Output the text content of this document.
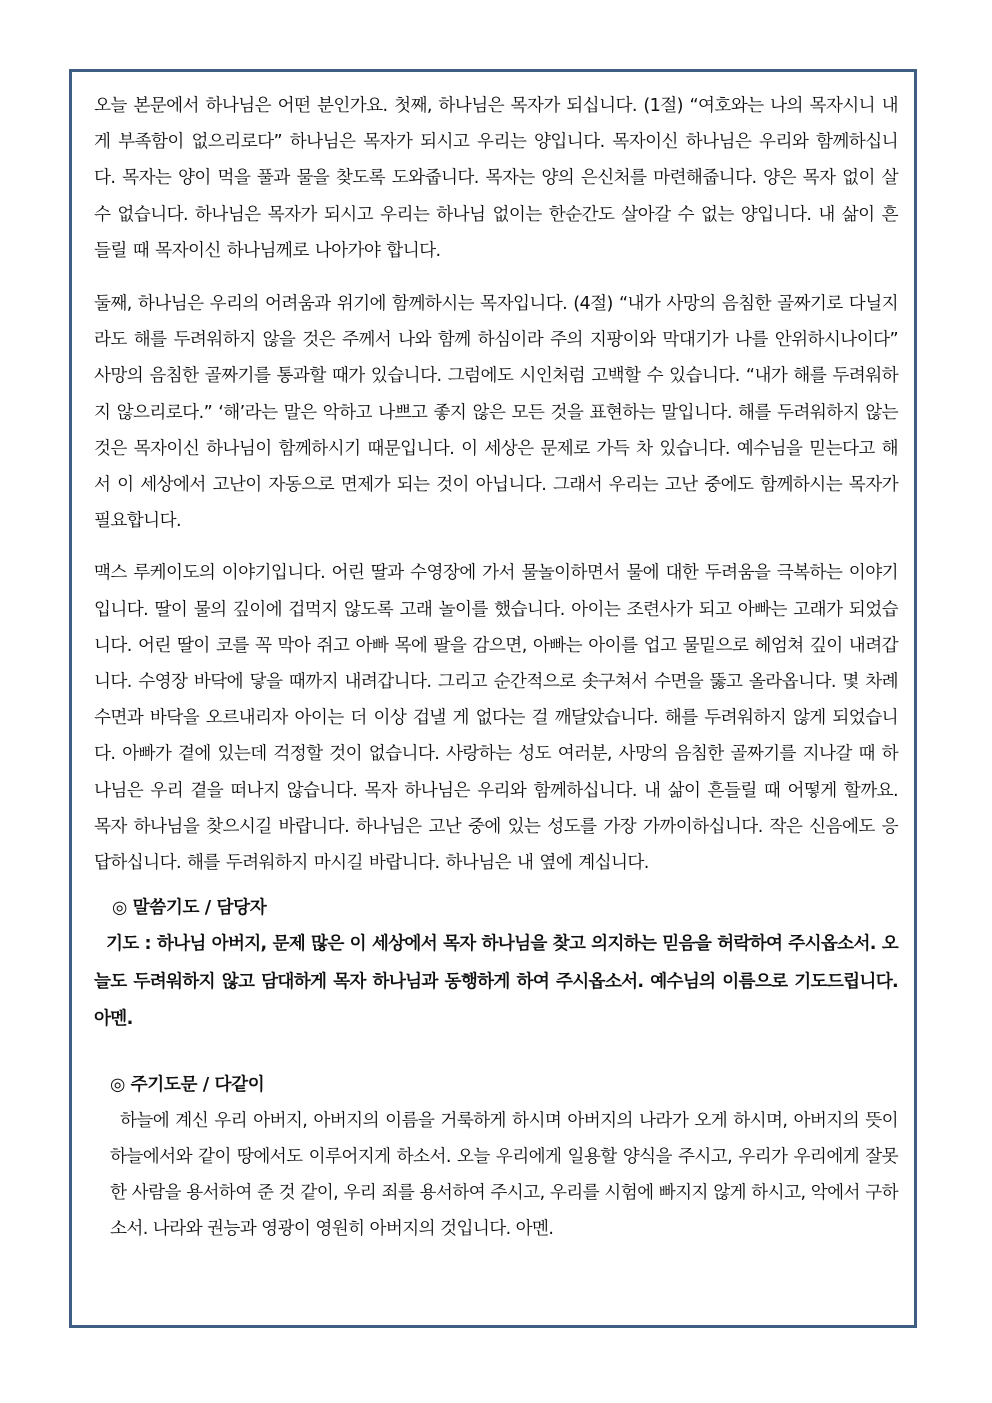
오늘 본문에서 하나님은 어떤 분인가요. 첫째, 하나님은 목자가 되십니다. (1절) “여호와는 나의 목자시니 내게 부족함이 없으리로다” 하나님은 목자가 되시고 우리는 양입니다. 목자이신 하나님은 우리와 함께하십니다. 목자는 양이 먹을 풀과 물을 찾도록 도와줍니다. 목자는 양의 은신처를 마련해줍니다. 양은 목자 없이 살 수 없습니다. 하나님은 목자가 되시고 우리는 하나님 없이는 한순간도 살아갈 수 없는 양입니다. 내 삶이 흔들릴 때 목자이신 하나님께로 나아가야 합니다.

둘째, 하나님은 우리의 어려움과 위기에 함께하시는 목자입니다. (4절) “내가 사망의 음침한 골짜기로 다닐지라도 해를 두려워하지 않을 것은 주께서 나와 함께 하심이라 주의 지팡이와 막대기가 나를 안위하시나이다” 사망의 음침한 골짜기를 통과할 때가 있습니다. 그럼에도 시인처럼 고백할 수 있습니다. “내가 해를 두려워하지 않으리로다.” ‘해’라는 말은 악하고 나쁘고 좋지 않은 모든 것을 표현하는 말입니다. 해를 두려워하지 않는 것은 목자이신 하나님이 함께하시기 때문입니다. 이 세상은 문제로 가득 차 있습니다. 예수님을 믿는다고 해서 이 세상에서 고난이 자동으로 면제가 되는 것이 아닙니다. 그래서 우리는 고난 중에도 함께하시는 목자가 필요합니다.

맥스 루케이도의 이야기입니다. 어린 딸과 수영장에 가서 물놀이하면서 물에 대한 두려움을 극복하는 이야기입니다. 딸이 물의 깊이에 겁먹지 않도록 고래 놀이를 했습니다. 아이는 조련사가 되고 아빠는 고래가 되었습니다. 어린 딸이 코를 꼭 막아 쥐고 아빠 목에 팔을 감으면, 아빠는 아이를 업고 물밑으로 헤엄쳐 깊이 내려갑니다. 수영장 바닥에 닿을 때까지 내려갑니다. 그리고 순간적으로 솟구쳐서 수면을 뚫고 올라옵니다. 몇 차례 수면과 바닥을 오르내리자 아이는 더 이상 겁낼 게 없다는 걸 깨달았습니다. 해를 두려워하지 않게 되었습니다. 아빠가 곁에 있는데 걱정할 것이 없습니다. 사랑하는 성도 여러분, 사망의 음침한 골짜기를 지나갈 때 하나님은 우리 곁을 떠나지 않습니다. 목자 하나님은 우리와 함께하십니다. 내 삶이 흔들릴 때 어떻게 할까요. 목자 하나님을 찾으시길 바랍니다. 하나님은 고난 중에 있는 성도를 가장 가까이하십니다. 작은 신음에도 응답하십니다. 해를 두려워하지 마시길 바랍니다. 하나님은 내 옆에 계십니다.

◎ 말씀기도 / 담당자

기도 : 하나님 아버지, 문제 많은 이 세상에서 목자 하나님을 찾고 의지하는 믿음을 허락하여 주시옵소서. 오늘도 두려워하지 않고 담대하게 목자 하나님과 동행하게 하여 주시옵소서. 예수님의 이름으로 기도드립니다. 아멘.

◎ 주기도문 / 다같이

하늘에 계신 우리 아버지, 아버지의 이름을 거룩하게 하시며 아버지의 나라가 오게 하시며, 아버지의 뜻이 하늘에서와 같이 땅에서도 이루어지게 하소서. 오늘 우리에게 일용할 양식을 주시고, 우리가 우리에게 잘못한 사람을 용서하여 준 것 같이, 우리 죄를 용서하여 주시고, 우리를 시험에 빠지지 않게 하시고, 악에서 구하소서. 나라와 권능과 영광이 영원히 아버지의 것입니다. 아멘.
